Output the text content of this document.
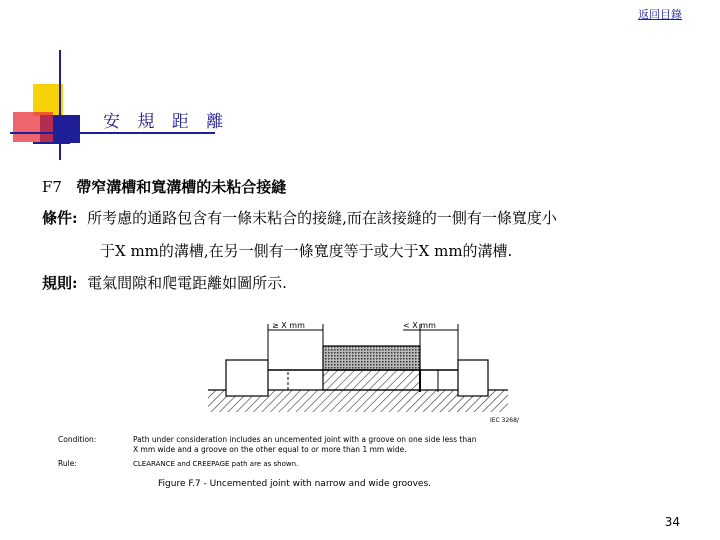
返回目錄
安 規 距 離
F7 帶窄溝槽和寬溝槽的未粘合接縫
條件: 所考慮的通路包含有一條未粘合的接縫,而在該接縫的一側有一條寬度小
于X mm的溝槽,在另一側有一條寬度等于或大于X mm的溝槽.
規則: 電氣間隙和爬電距離如圖所示.
≥ X mm	< X mm
IEC 3268/
Condition:	Path under consideration includes an uncemented joint with a groove on one side less than
X mm wide and a groove on the other equal to or more than 1 mm wide.
Rule:	CLEARANCE and CREEPAGE path are as shown.
Figure F.7 - Uncemented joint with narrow and wide grooves.
34
